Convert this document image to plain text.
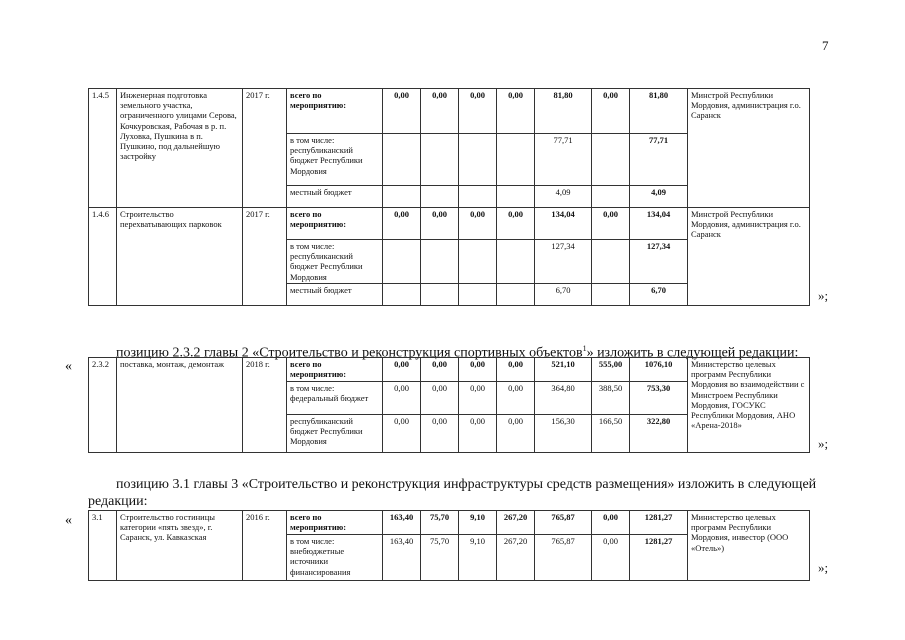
7
1.4.5	Инженерная подготовка земельного участка, ограниченного улицами Серова, Кочкуровская, Рабочая в р. п. Луховка, Пушкина в п. Пушкино, под дальнейшую застройку	2017 г.	всего по мероприятию:	0,00	0,00	0,00	0,00	81,80	0,00	81,80	Минстрой Республики Мордовия, администрация г.о. Саранск
			в том числе: республиканский бюджет Республики Мордовия					77,71		77,71	
			местный бюджет					4,09		4,09	
1.4.6	Строительство перехватывающих парковок	2017 г.	всего по мероприятию:	0,00	0,00	0,00	0,00	134,04	0,00	134,04	Минстрой Республики Мордовия, администрация г.о. Саранск
			в том числе: республиканский бюджет Республики Мордовия					127,34		127,34	
			местный бюджет					6,70		6,70		»;
позицию 2.3.2 главы 2 «Строительство и реконструкция спортивных объектов$^1$» изложить в следующей редакции:
« 2.3.2	поставка, монтаж, демонтаж	2018 г.	всего по мероприятию:	0,00	0,00	0,00	0,00	521,10	555,00	1076,10	Министерство целевых программ Республики Мордовия во взаимодействии с Минстроем Республики Мордовия, ГОСУКС Республики Мордовия, АНО «Арена-2018»
			в том числе: федеральный бюджет	0,00	0,00	0,00	0,00	364,80	388,50	753,30	
			республиканский бюджет Республики Мордовия	0,00	0,00	0,00	0,00	156,30	166,50	322,80	
»;
позицию 3.1 главы 3 «Строительство и реконструкция инфраструктуры средств размещения» изложить в следующей редакции:
« 3.1	Строительство гостиницы категории «пять звезд», г. Саранск, ул. Кавказская	2016 г.	всего по мероприятию:	163,40	75,70	9,10	267,20	765,87	0,00	1281,27	Министерство целевых программ Республики Мордовия, инвестор (ООО «Отель»)
			в том числе: внебюджетные источники финансирования	163,40	75,70	9,10	267,20	765,87	0,00	1281,27	
»;
